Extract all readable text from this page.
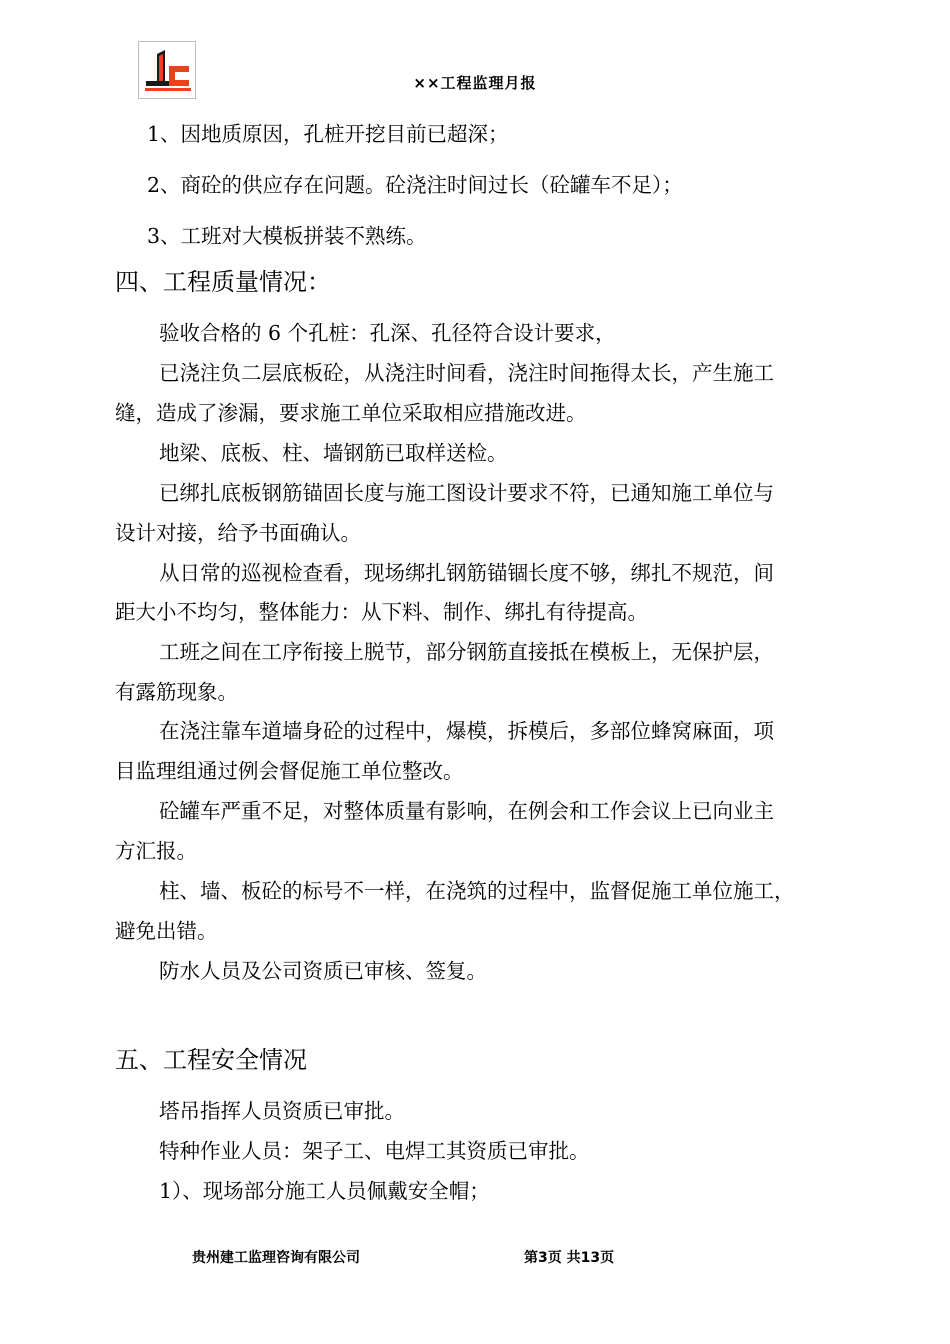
××工程监理月报
1、因地质原因，孔桩开挖目前已超深；
2、商砼的供应存在问题。砼浇注时间过长（砼罐车不足）；
3、工班对大模板拼装不熟练。
四、工程质量情况：
验收合格的 6 个孔桩：孔深、孔径符合设计要求，
已浇注负二层底板砼，从浇注时间看，浇注时间拖得太长，产生施工
缝，造成了渗漏，要求施工单位采取相应措施改进。
地梁、底板、柱、墙钢筋已取样送检。
已绑扎底板钢筋锚固长度与施工图设计要求不符，已通知施工单位与
设计对接，给予书面确认。
从日常的巡视检查看，现场绑扎钢筋锚锢长度不够，绑扎不规范，间
距大小不均匀，整体能力：从下料、制作、绑扎有待提高。
工班之间在工序衔接上脱节，部分钢筋直接抵在模板上，无保护层，
有露筋现象。
在浇注靠车道墙身砼的过程中，爆模，拆模后，多部位蜂窝麻面，项
目监理组通过例会督促施工单位整改。
砼罐车严重不足，对整体质量有影响，在例会和工作会议上已向业主
方汇报。
柱、墙、板砼的标号不一样，在浇筑的过程中，监督促施工单位施工，
避免出错。
防水人员及公司资质已审核、签复。
五、工程安全情况
塔吊指挥人员资质已审批。
特种作业人员：架子工、电焊工其资质已审批。
1）、现场部分施工人员佩戴安全帽；
贵州建工监理咨询有限公司	第3页 共13页
